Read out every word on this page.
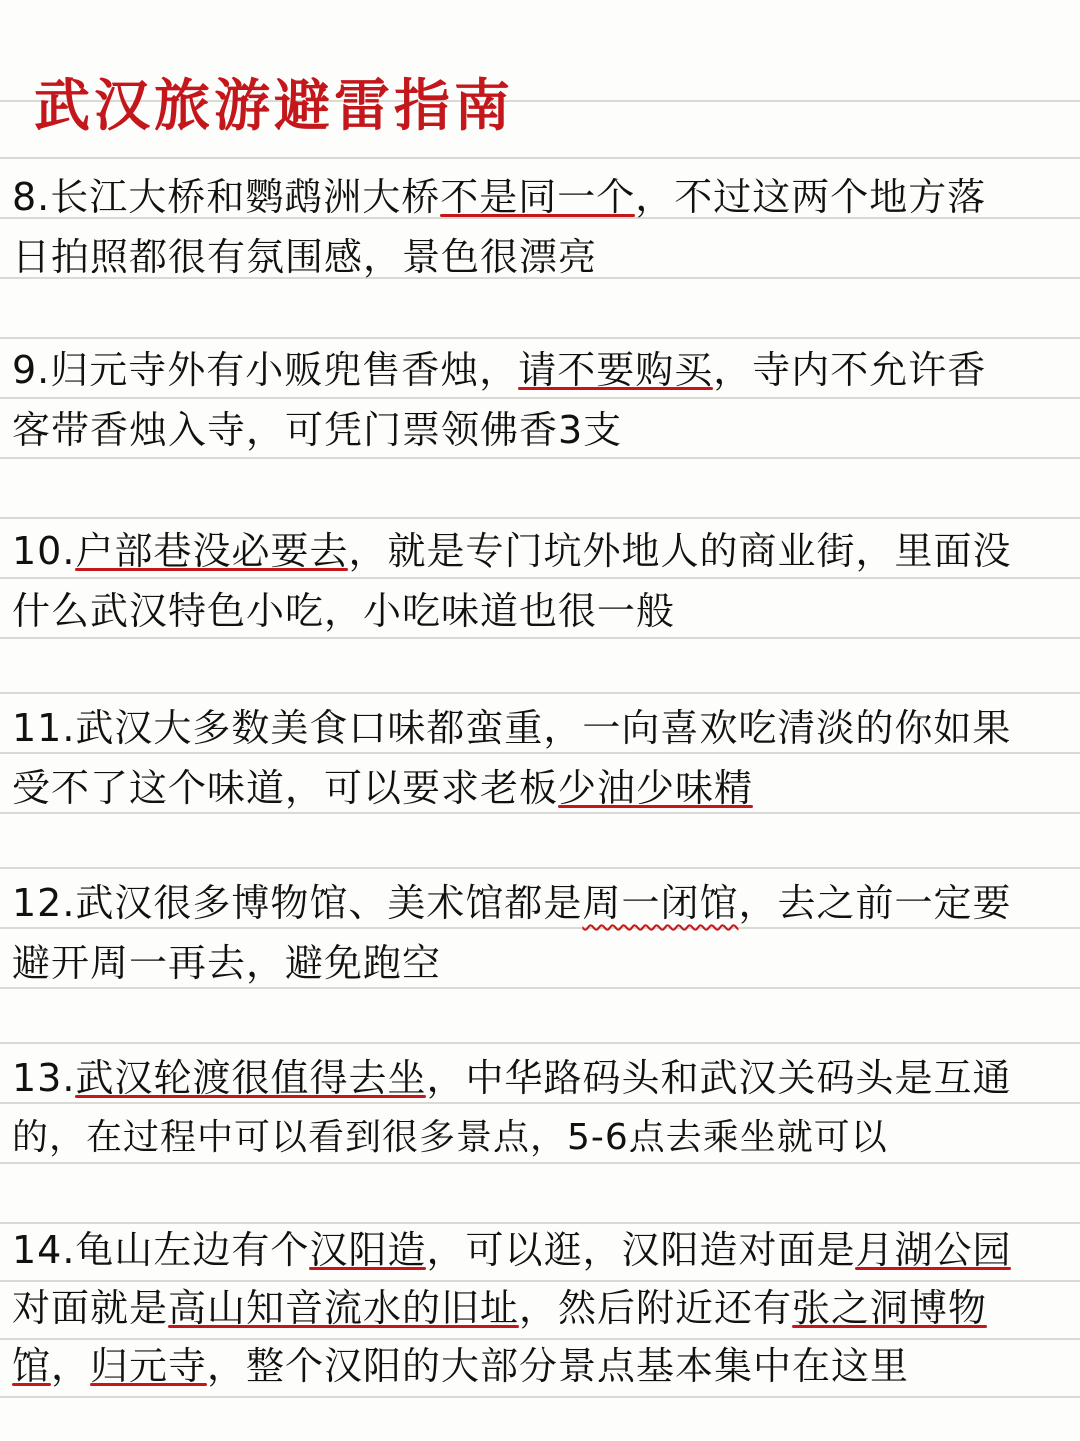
武汉旅游避雷指南
8.长江大桥和鹦鹉洲大桥不是同一个，不过这两个地方落
日拍照都很有氛围感，景色很漂亮
9.归元寺外有小贩兜售香烛，请不要购买，寺内不允许香
客带香烛入寺，可凭门票领佛香3支
10.户部巷没必要去，就是专门坑外地人的商业街，里面没
什么武汉特色小吃，小吃味道也很一般
11.武汉大多数美食口味都蛮重，一向喜欢吃清淡的你如果
受不了这个味道，可以要求老板少油少味精
12.武汉很多博物馆、美术馆都是周一闭馆，去之前一定要
避开周一再去，避免跑空
13.武汉轮渡很值得去坐，中华路码头和武汉关码头是互通
的，在过程中可以看到很多景点，5-6点去乘坐就可以
14.龟山左边有个汉阳造，可以逛，汉阳造对面是月湖公园
对面就是高山知音流水的旧址，然后附近还有张之洞博物
馆，归元寺，整个汉阳的大部分景点基本集中在这里
